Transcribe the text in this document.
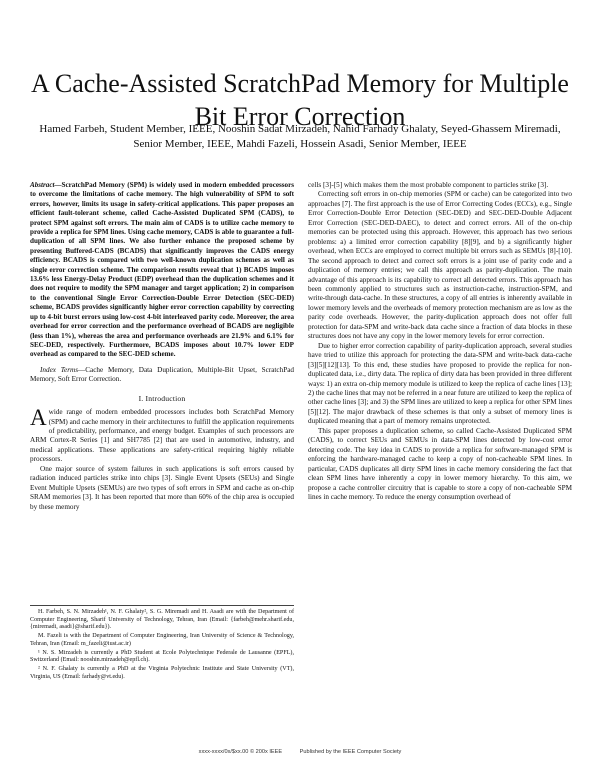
A Cache-Assisted ScratchPad Memory for Multiple Bit Error Correction
Hamed Farbeh, Student Member, IEEE, Nooshin Sadat Mirzadeh, Nahid Farhady Ghalaty, Seyed-Ghassem Miremadi, Senior Member, IEEE, Mahdi Fazeli, Hossein Asadi, Senior Member, IEEE
Abstract—ScratchPad Memory (SPM) is widely used in modern embedded processors to overcome the limitations of cache memory. The high vulnerability of SPM to soft errors, however, limits its usage in safety-critical applications. This paper proposes an efficient fault-tolerant scheme, called Cache-Assisted Duplicated SPM (CADS), to protect SPM against soft errors. The main aim of CADS is to utilize cache memory to provide a replica for SPM lines. Using cache memory, CADS is able to guarantee a full-duplication of all SPM lines. We also further enhance the proposed scheme by presenting Buffered-CADS (BCADS) that significantly improves the CADS energy efficiency. BCADS is compared with two well-known duplication schemes as well as single error correction scheme. The comparison results reveal that 1) BCADS imposes 13.6% less Energy-Delay Product (EDP) overhead than the duplication schemes and it does not require to modify the SPM manager and target application; 2) in comparison to the conventional Single Error Correction-Double Error Detection (SEC-DED) scheme, BCADS provides significantly higher error correction capability by correcting up to 4-bit burst errors using low-cost 4-bit interleaved parity code. Moreover, the area overhead for error correction and the performance overhead of BCADS are negligible (less than 1%), whereas the area and performance overheads are 21.9% and 6.1% for SEC-DED, respectively. Furthermore, BCADS imposes about 10.7% lower EDP overhead as compared to the SEC-DED scheme.
Index Terms—Cache Memory, Data Duplication, Multiple-Bit Upset, ScratchPad Memory, Soft Error Correction.
I. Introduction

Awide range of modern embedded processors includes both ScratchPad Memory (SPM) and cache memory in their architectures to fulfill the application requirements of predictability, performance, and energy budget. Examples of such processors are ARM Cortex-R Series [1] and SH7785 [2] that are used in automotive, industry, and medical applications. These applications are safety-critical requiring highly reliable processors.

One major source of system failures in such applications is soft errors caused by radiation induced particles strike into chips [3]. Single Event Upsets (SEUs) and Single Event Multiple Upsets (SEMUs) are two types of soft errors in SPM and cache as on-chip SRAM memories [3]. It has been reported that more than 60% of the chip area is occupied by these memory

cells [3]-[5] which makes them the most probable component to particles strike [3].

Correcting soft errors in on-chip memories (SPM or cache) can be categorized into two approaches [7]. The first approach is the use of Error Correcting Codes (ECCs), e.g., Single Error Correction-Double Error Detection (SEC-DED) and SEC-DED-Double Adjacent Error Correction (SEC-DED-DAEC), to detect and correct errors. All of the on-chip memories can be protected using this approach. However, this approach has two serious problems: a) a limited error correction capability [8][9], and b) a significantly higher overhead, when ECCs are employed to correct multiple bit errors such as SEMUs [8]-[10]. The second approach to detect and correct soft errors is a joint use of parity code and a duplication of memory entries; we call this approach as parity-duplication. The main advantage of this approach is its capability to correct all detected errors. This approach has been commonly applied to structures such as instruction-cache, instruction-SPM, and write-through data-cache. In these structures, a copy of all entries is inherently available in lower memory levels and the overheads of memory protection mechanism are as low as the parity code overheads. However, the parity-duplication approach does not offer full protection for data-SPM and write-back data cache since a fraction of data blocks in these structures does not have any copy in the lower memory levels for error correction.

Due to higher error correction capability of parity-duplication approach, several studies have tried to utilize this approach for protecting the data-SPM and write-back data-cache [3][5][12][13]. To this end, these studies have proposed to provide the replica for non-duplicated data, i.e., dirty data. The replica of dirty data has been provided in three different ways: 1) an extra on-chip memory module is utilized to keep the replica of cache lines [13]; 2) the cache lines that may not be referred in a near future are utilized to keep the replica of other cache lines [3]; and 3) the SPM lines are utilized to keep a replica for other SPM lines [5][12]. The major drawback of these schemes is that only a subset of memory lines is duplicated meaning that a part of memory remains unprotected.

This paper proposes a duplication scheme, so called Cache-Assisted Duplicated SPM (CADS), to correct SEUs and SEMUs in data-SPM lines detected by low-cost error detecting code. The key idea in CADS to provide a replica for software-managed SPM is enforcing the hardware-managed cache to keep a copy of non-cacheable SPM lines. In particular, CADS duplicates all dirty SPM lines in cache memory considering the fact that clean SPM lines have inherently a copy in lower memory hierarchy. To this aim, we propose a cache controller circuitry that is capable to store a copy of non-cacheable SPM lines in cache memory. To reduce the energy consumption overhead of

H. Farbeh, S. N. Mirzadeh¹, N. F. Ghalaty², S. G. Miremadi and H. Asadi are with the Department of Computer Engineering, Sharif University of Technology, Tehran, Iran (Email: {farbeh@mehr.sharif.edu, {miremadi, asadi}@sharif.edu}).

M. Fazeli is with the Department of Computer Engineering, Iran University of Science & Technology, Tehran, Iran (Email: m_fazeli@iust.ac.ir)

¹ N. S. Mirzadeh is currently a PhD Student at Ecole Polytechnique Federale de Lausanne (EPFL), Switzerland (Email: nooshin.mirzadeh@epfl.ch).

² N. F. Ghalaty is currently a PhD at the Virginia Polytechnic Institute and State University (VT), Virginia, US (Email: farhady@vt.edu).

xxxx-xxxx/0x/$xx.00 © 200x IEEE	Published by the IEEE Computer Society
